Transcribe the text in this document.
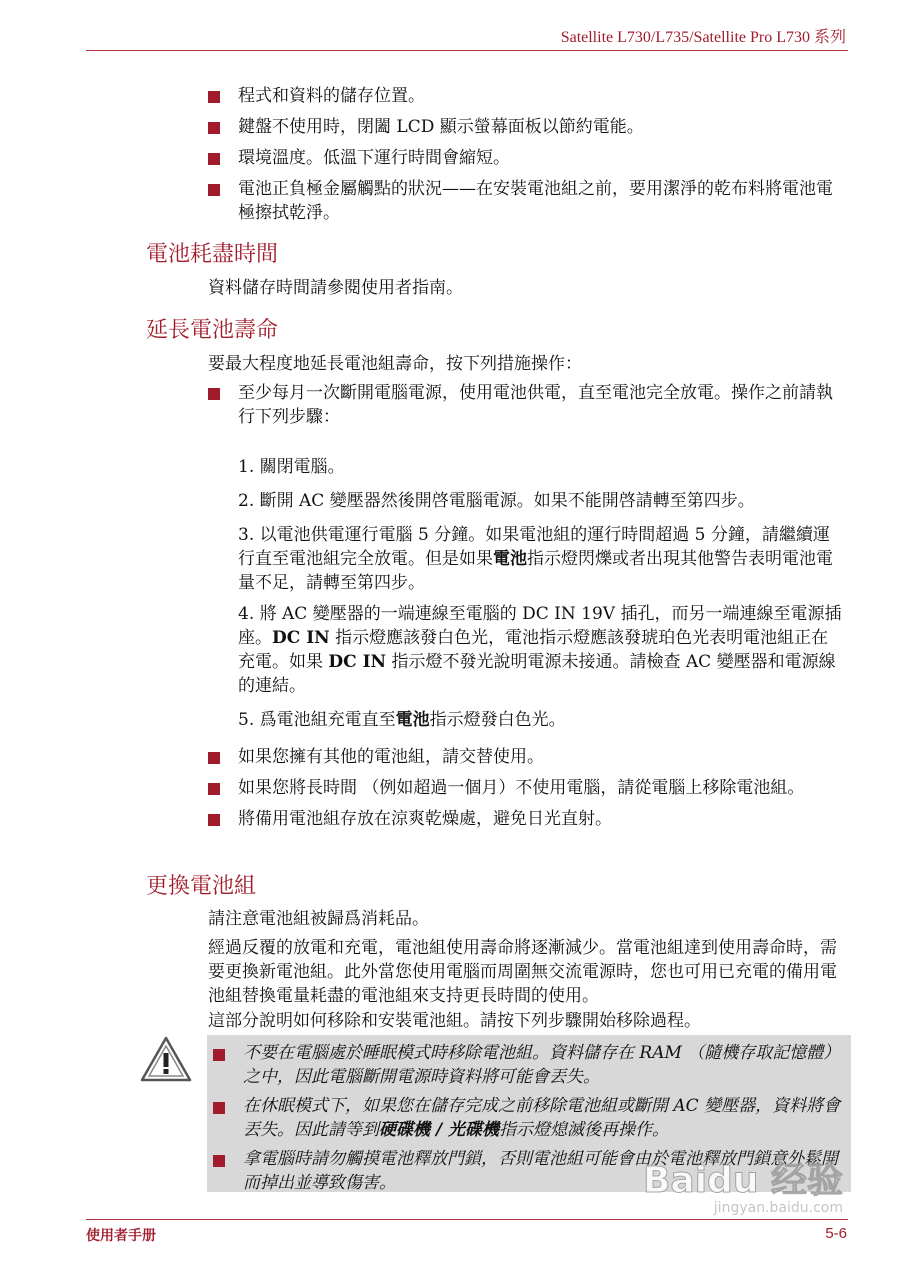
Satellite L730/L735/Satellite Pro L730 系列

程式和資料的儲存位置。
鍵盤不使用時，閉闔 LCD 顯示螢幕面板以節約電能。
環境溫度。低溫下運行時間會縮短。
電池正負極金屬觸點的狀況——在安裝電池組之前，要用潔淨的乾布料將電池電極擦拭乾淨。
電池耗盡時間

資料儲存時間請參閱使用者指南。

延長電池壽命

要最大程度地延長電池組壽命，按下列措施操作：

至少每月一次斷開電腦電源，使用電池供電，直至電池完全放電。操作之前請執行下列步驟：
1. 關閉電腦。
2. 斷開 AC 變壓器然後開啓電腦電源。如果不能開啓請轉至第四步。
3. 以電池供電運行電腦 5 分鐘。如果電池組的運行時間超過 5 分鐘，請繼續運行直至電池組完全放電。但是如果電池指示燈閃爍或者出現其他警告表明電池電量不足，請轉至第四步。
4. 將 AC 變壓器的一端連線至電腦的 DC IN 19V 插孔，而另一端連線至電源插座。DC IN 指示燈應該發白色光，電池指示燈應該發琥珀色光表明電池組正在充電。如果 DC IN 指示燈不發光說明電源未接通。請檢查 AC 變壓器和電源線的連結。
5. 爲電池組充電直至電池指示燈發白色光。
如果您擁有其他的電池組，請交替使用。
如果您將長時間 （例如超過一個月）不使用電腦，請從電腦上移除電池組。
將備用電池組存放在涼爽乾燥處，避免日光直射。
更換電池組

請注意電池組被歸爲消耗品。

經過反覆的放電和充電，電池組使用壽命將逐漸減少。當電池組達到使用壽命時，需要更換新電池組。此外當您使用電腦而周圍無交流電源時，您也可用已充電的備用電池組替換電量耗盡的電池組來支持更長時間的使用。

這部分說明如何移除和安裝電池組。請按下列步驟開始移除過程。

不要在電腦處於睡眠模式時移除電池組。資料儲存在 RAM （隨機存取記憶體）之中，因此電腦斷開電源時資料將可能會丟失。
在休眠模式下，如果您在儲存完成之前移除電池組或斷開 AC 變壓器，資料將會丟失。因此請等到硬碟機 / 光碟機指示燈熄滅後再操作。
拿電腦時請勿觸摸電池釋放門鎖，否則電池組可能會由於電池釋放門鎖意外鬆開而掉出並導致傷害。	Baidu 经验
jingyan.baidu.com

使用者手册	5-6
